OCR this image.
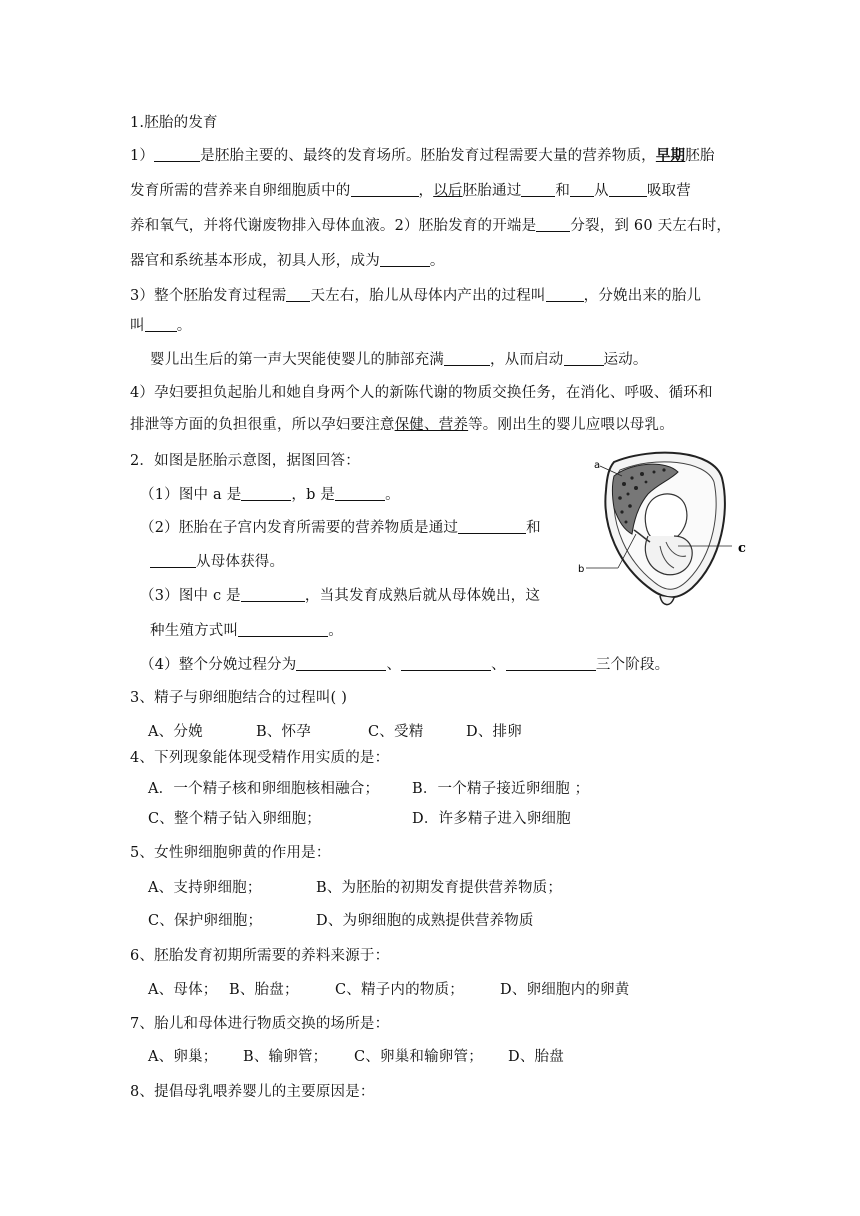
1.胚胎的发育
1）	是胚胎主要的、最终的发育场所。胚胎发育过程需要大量的营养物质，早期胚胎
发育所需的营养来自卵细胞质中的	，以后胚胎通过 和 从	吸取营
养和氧气，并将代谢废物排入母体血液。2）胚胎发育的开端是 分裂，到 60 天左右时，
器官和系统基本形成，初具人形，成为	。
3）整个胚胎发育过程需 天左右，胎儿从母体内产出的过程叫	，分娩出来的胎儿
叫 。
婴儿出生后的第一声大哭能使婴儿的肺部充满	，从而启动	运动。
4）孕妇要担负起胎儿和她自身两个人的新陈代谢的物质交换任务，在消化、呼吸、循环和
排泄等方面的负担很重，所以孕妇要注意保健、营养等。刚出生的婴儿应喂以母乳。
2．如图是胚胎示意图，据图回答：
（1）图中 a 是	，b 是	。
（2）胚胎在子宫内发育所需要的营养物质是通过	和
从母体获得。
（3）图中 c 是	，当其发育成熟后就从母体娩出，这
种生殖方式叫	。
（4）整个分娩过程分为	、	、	三个阶段。
a
b
c
3、精子与卵细胞结合的过程叫( )
A、分娩	B、怀孕	C、受精	D、排卵
4、下列现象能体现受精作用实质的是：
A．一个精子核和卵细胞核相融合； B．一个精子接近卵细胞 ；
C、整个精子钻入卵细胞；	D．许多精子进入卵细胞
5、女性卵细胞卵黄的作用是：
A、支持卵细胞；	B、为胚胎的初期发育提供营养物质；
C、保护卵细胞；	D、为卵细胞的成熟提供营养物质
6、胚胎发育初期所需要的养料来源于：
A、母体； B、胎盘；	C、精子内的物质； D、卵细胞内的卵黄
7、胎儿和母体进行物质交换的场所是：
A、卵巢； B、输卵管； C、卵巢和输卵管； D、胎盘
8、提倡母乳喂养婴儿的主要原因是：
